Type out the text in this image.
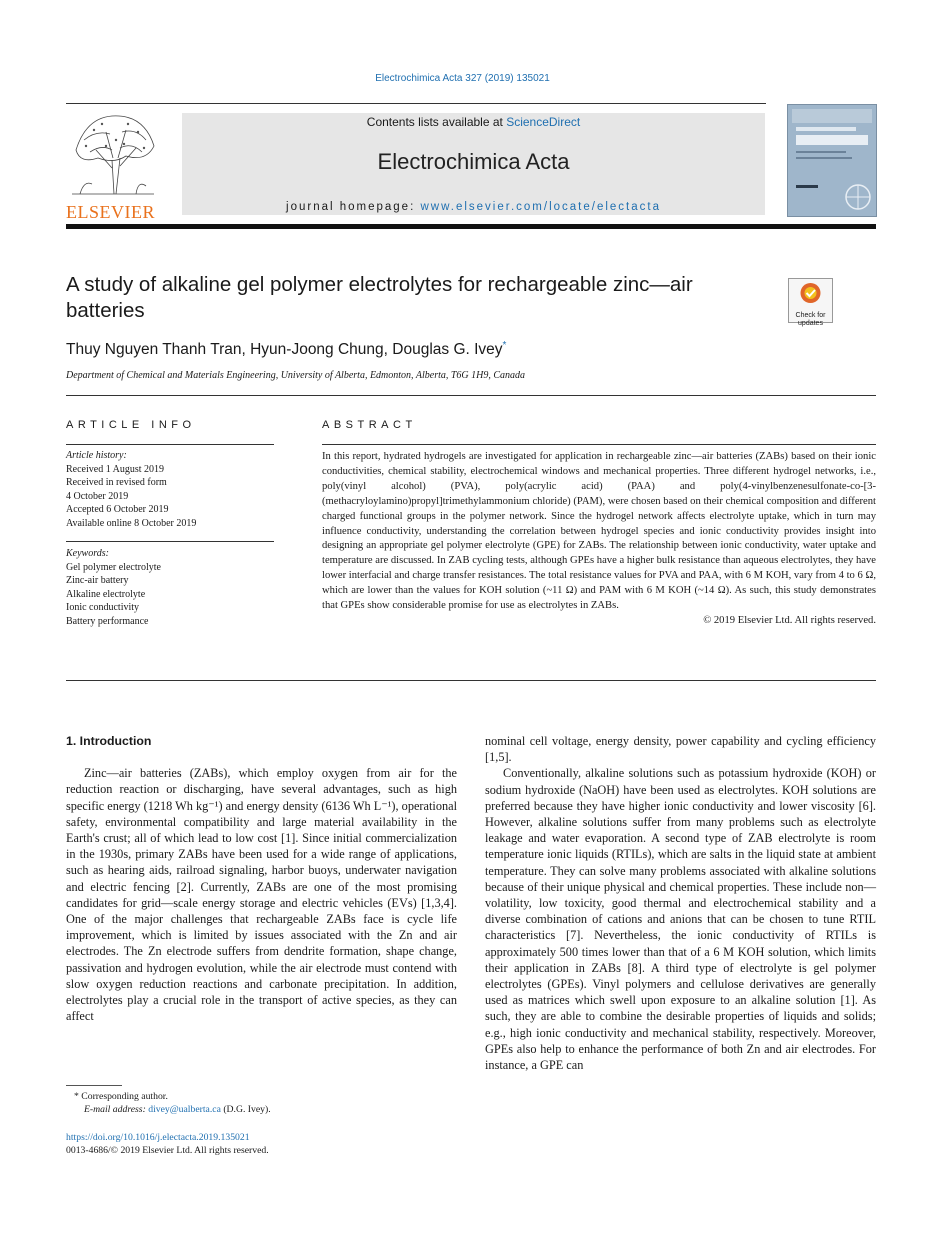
Electrochimica Acta 327 (2019) 135021
ELSEVIER
Contents lists available at ScienceDirect
Electrochimica Acta
journal homepage: www.elsevier.com/locate/electacta
A study of alkaline gel polymer electrolytes for rechargeable zinc—air batteries	Check for updates
Thuy Nguyen Thanh Tran, Hyun-Joong Chung, Douglas G. Ivey*
Department of Chemical and Materials Engineering, University of Alberta, Edmonton, Alberta, T6G 1H9, Canada
ARTICLE INFO
Article history:
Received 1 August 2019
Received in revised form
4 October 2019
Accepted 6 October 2019
Available online 8 October 2019
Keywords:
Gel polymer electrolyte
Zinc-air battery
Alkaline electrolyte
Ionic conductivity
Battery performance
ABSTRACT
In this report, hydrated hydrogels are investigated for application in rechargeable zinc—air batteries (ZABs) based on their ionic conductivities, chemical stability, electrochemical windows and mechanical properties. Three different hydrogel networks, i.e., poly(vinyl alcohol) (PVA), poly(acrylic acid) (PAA) and poly(4-vinylbenzenesulfonate-co-[3-(methacryloylamino)propyl]trimethylammonium chloride) (PAM), were chosen based on their chemical composition and different charged functional groups in the polymer network. Since the hydrogel network affects electrolyte uptake, which in turn may influence conductivity, understanding the correlation between hydrogel species and ionic conductivity provides insight into designing an appropriate gel polymer electrolyte (GPE) for ZABs. The relationship between ionic conductivity, water uptake and temperature are discussed. In ZAB cycling tests, although GPEs have a higher bulk resistance than aqueous electrolytes, they have lower interfacial and charge transfer resistances. The total resistance values for PVA and PAA, with 6 M KOH, vary from 4 to 6 Ω, which are lower than the values for KOH solution (~11 Ω) and PAM with 6 M KOH (~14 Ω). As such, this study demonstrates that GPEs show considerable promise for use as electrolytes in ZABs.
© 2019 Elsevier Ltd. All rights reserved.
1. Introduction

Zinc—air batteries (ZABs), which employ oxygen from air for the reduction reaction or discharging, have several advantages, such as high specific energy (1218 Wh kg⁻¹) and energy density (6136 Wh L⁻¹), operational safety, environmental compatibility and large material availability in the Earth's crust; all of which lead to low cost [1]. Since initial commercialization in the 1930s, primary ZABs have been used for a wide range of applications, such as hearing aids, railroad signaling, harbor buoys, underwater navigation and electric fencing [2]. Currently, ZABs are one of the most promising candidates for grid—scale energy storage and electric vehicles (EVs) [1,3,4]. One of the major challenges that rechargeable ZABs face is cycle life improvement, which is limited by issues associated with the Zn and air electrodes. The Zn electrode suffers from dendrite formation, shape change, passivation and hydrogen evolution, while the air electrode must contend with slow oxygen reduction reactions and carbonate precipitation. In addition, electrolytes play a crucial role in the transport of active species, as they can affect

nominal cell voltage, energy density, power capability and cycling efficiency [1,5].

Conventionally, alkaline solutions such as potassium hydroxide (KOH) or sodium hydroxide (NaOH) have been used as electrolytes. KOH solutions are preferred because they have higher ionic conductivity and lower viscosity [6]. However, alkaline solutions suffer from many problems such as electrolyte leakage and water evaporation. A second type of ZAB electrolyte is room temperature ionic liquids (RTILs), which are salts in the liquid state at ambient temperature. They can solve many problems associated with alkaline solutions because of their unique physical and chemical properties. These include non—volatility, low toxicity, good thermal and electrochemical stability and a diverse combination of cations and anions that can be chosen to tune RTIL characteristics [7]. Nevertheless, the ionic conductivity of RTILs is approximately 500 times lower than that of a 6 M KOH solution, which limits their application in ZABs [8]. A third type of electrolyte is gel polymer electrolytes (GPEs). Vinyl polymers and cellulose derivatives are generally used as matrices which swell upon exposure to an alkaline solution [1]. As such, they are able to combine the desirable properties of liquids and solids; e.g., high ionic conductivity and mechanical stability, respectively. Moreover, GPEs also help to enhance the performance of both Zn and air electrodes. For instance, a GPE can

* Corresponding author.
E-mail address: divey@ualberta.ca (D.G. Ivey).
https://doi.org/10.1016/j.electacta.2019.135021
0013-4686/© 2019 Elsevier Ltd. All rights reserved.
